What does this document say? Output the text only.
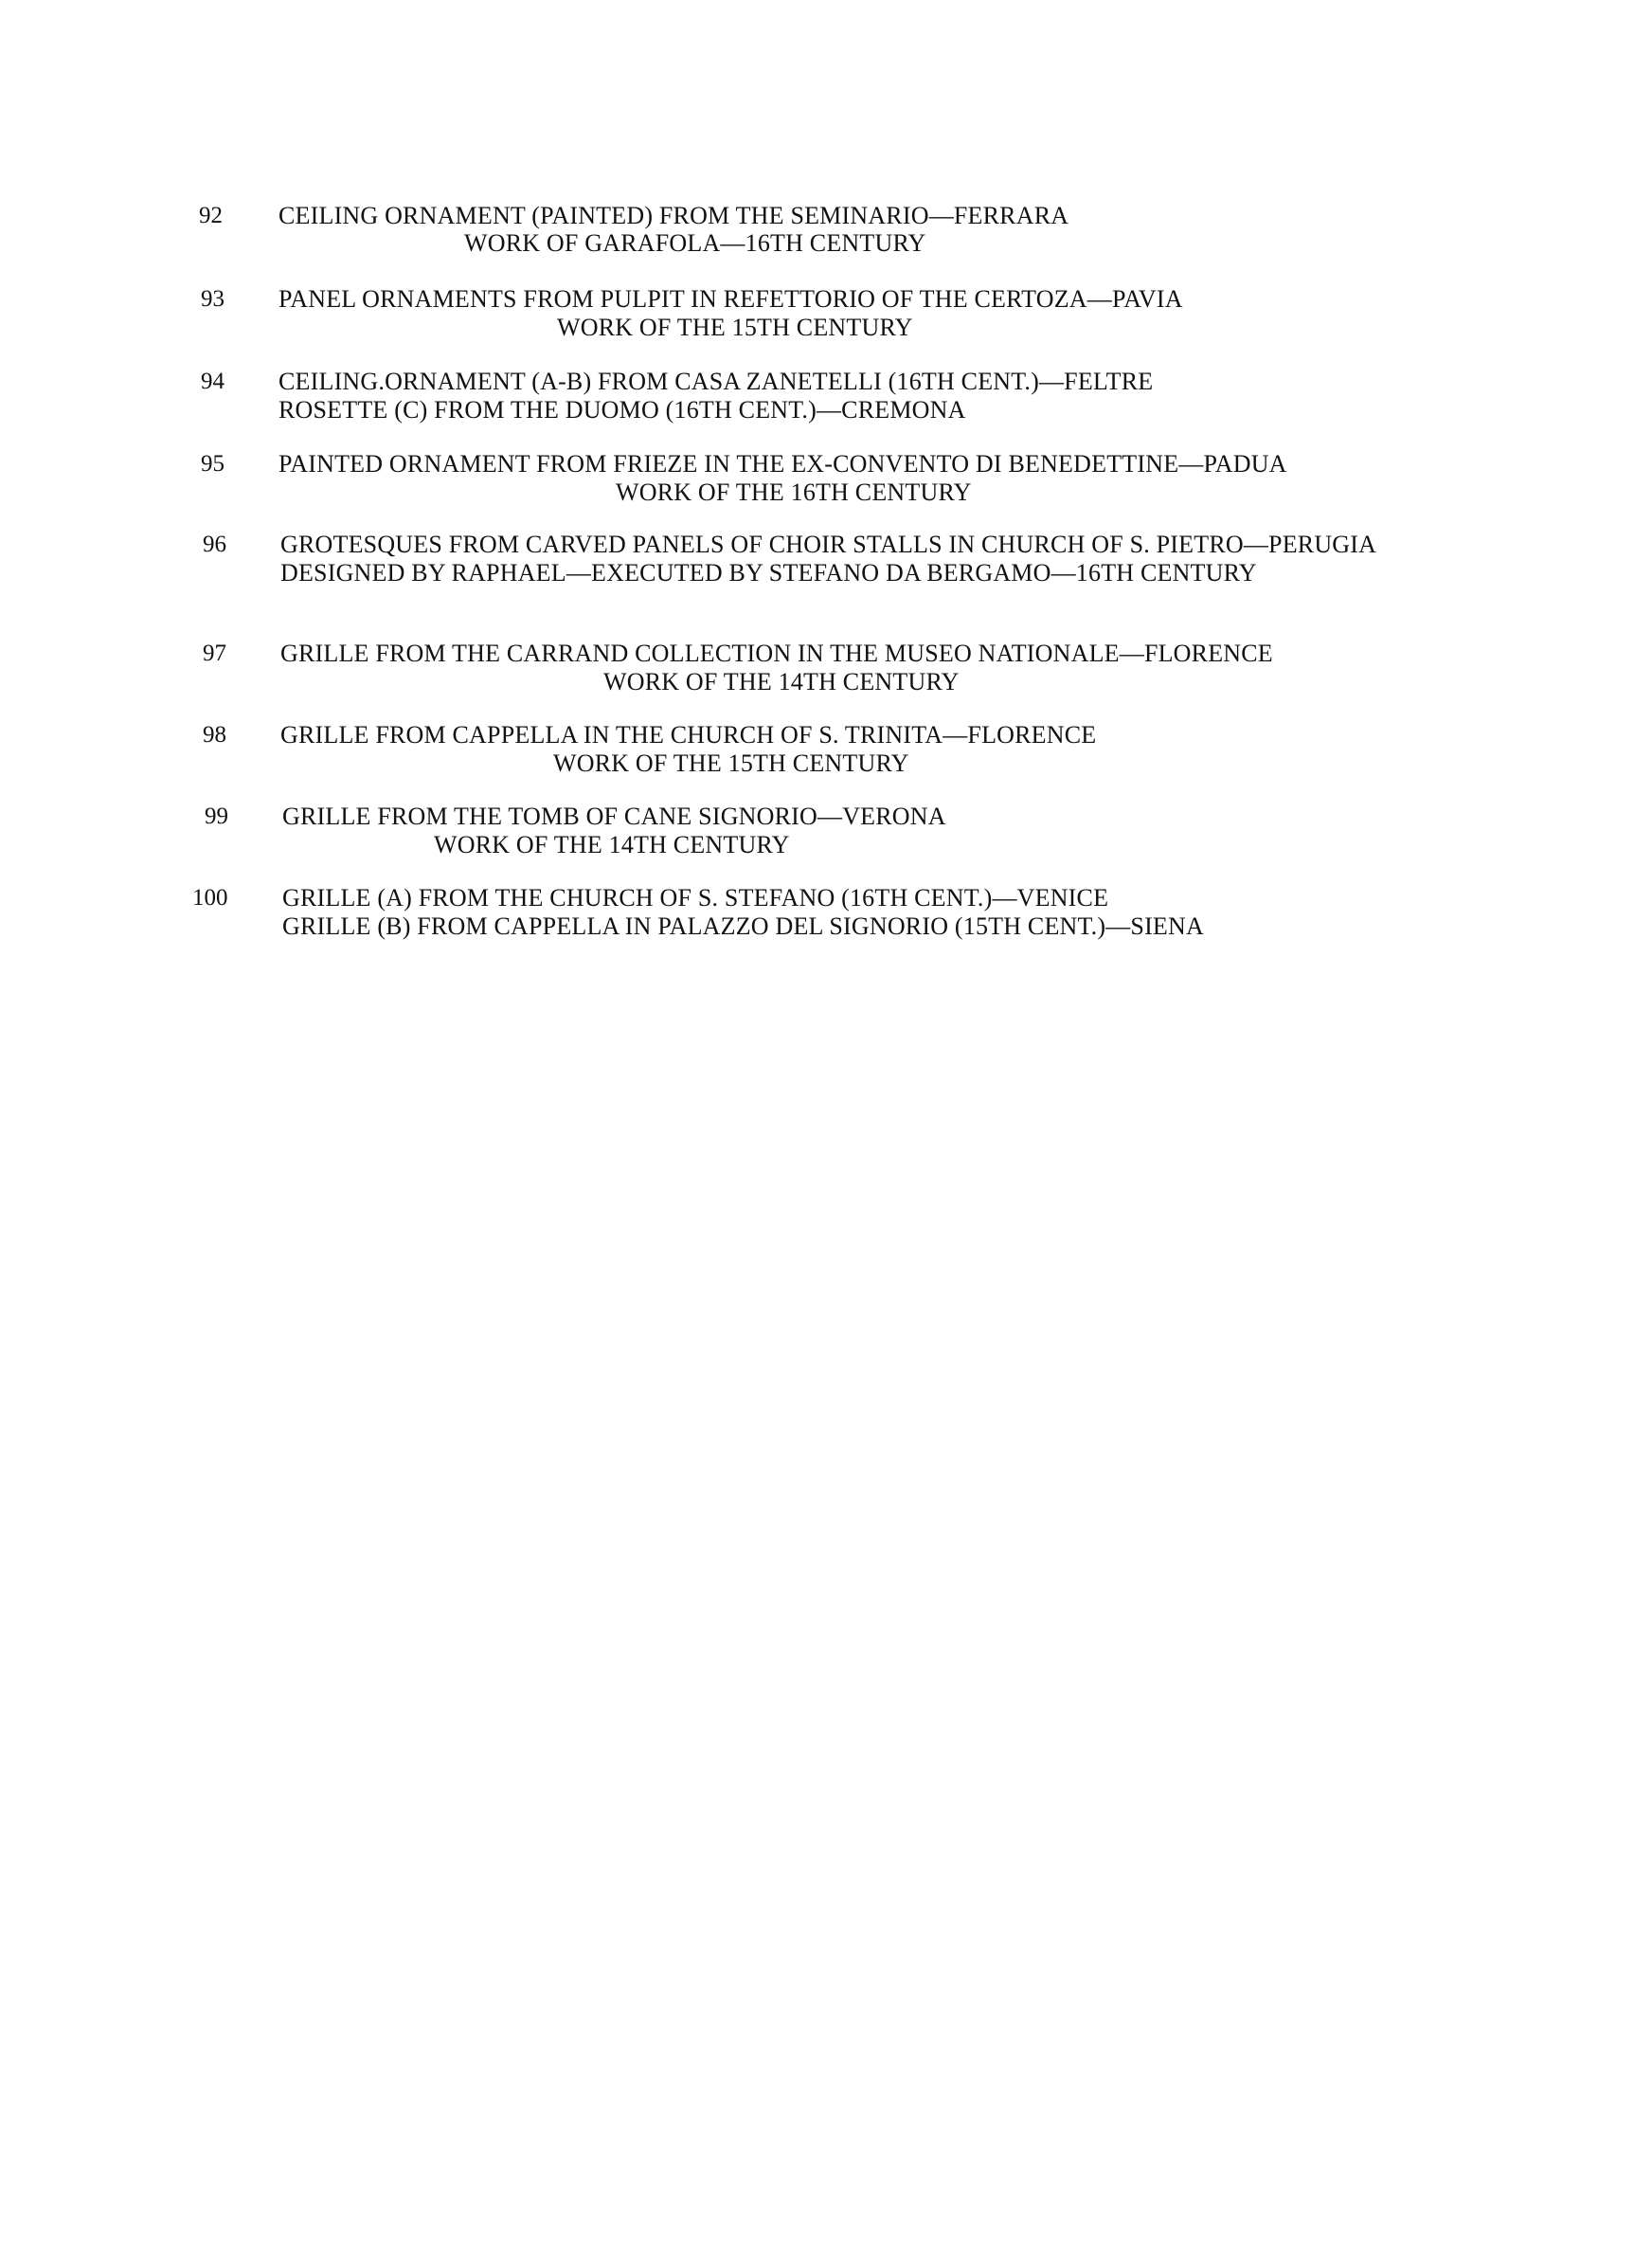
92 CEILING ORNAMENT (PAINTED) FROM THE SEMINARIO—FERRARA
WORK OF GARAFOLA—16TH CENTURY
93 PANEL ORNAMENTS FROM PULPIT IN REFETTORIO OF THE CERTOZA—PAVIA
WORK OF THE 15TH CENTURY
94 CEILING.ORNAMENT (A-B) FROM CASA ZANETELLI (16TH CENT.)—FELTRE
ROSETTE (C) FROM THE DUOMO (16TH CENT.)—CREMONA
95 PAINTED ORNAMENT FROM FRIEZE IN THE EX-CONVENTO DI BENEDETTINE—PADUA
WORK OF THE 16TH CENTURY
96 GROTESQUES FROM CARVED PANELS OF CHOIR STALLS IN CHURCH OF S. PIETRO—PERUGIA
DESIGNED BY RAPHAEL—EXECUTED BY STEFANO DA BERGAMO—16TH CENTURY
97 GRILLE FROM THE CARRAND COLLECTION IN THE MUSEO NATIONALE—FLORENCE
WORK OF THE 14TH CENTURY
98 GRILLE FROM CAPPELLA IN THE CHURCH OF S. TRINITA—FLORENCE
WORK OF THE 15TH CENTURY
99 GRILLE FROM THE TOMB OF CANE SIGNORIO—VERONA
WORK OF THE 14TH CENTURY
100 GRILLE (A) FROM THE CHURCH OF S. STEFANO (16TH CENT.)—VENICE
GRILLE (B) FROM CAPPELLA IN PALAZZO DEL SIGNORIO (15TH CENT.)—SIENA
